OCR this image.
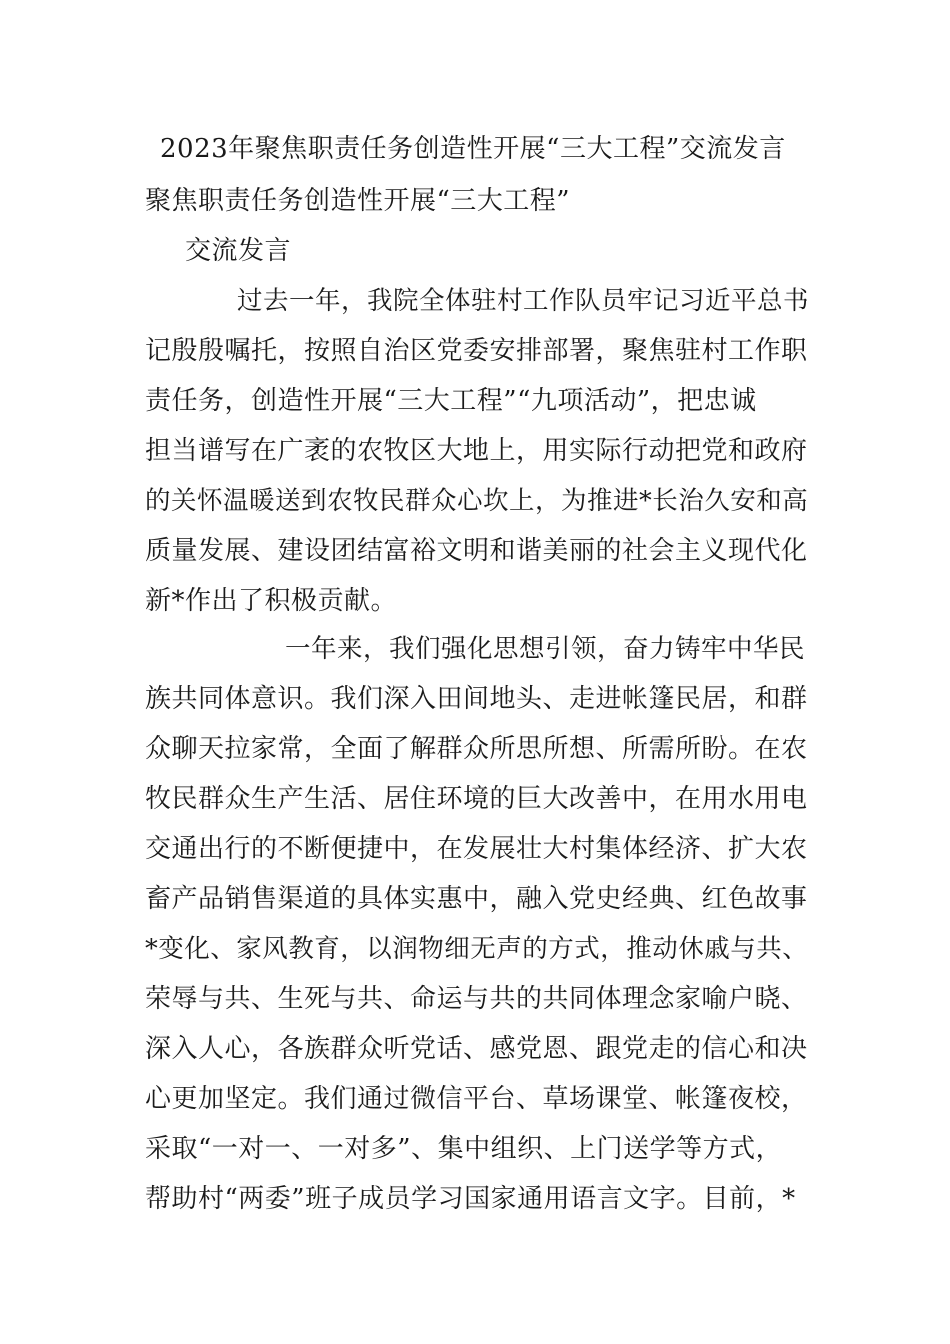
2023年聚焦职责任务创造性开展“三大工程”交流发言
聚焦职责任务创造性开展“三大工程”
交流发言

过去一年，我院全体驻村工作队员牢记习近平总书

记殷殷嘱托，按照自治区党委安排部署，聚焦驻村工作职

责任务，创造性开展“三大工程”“九项活动”，把忠诚

担当谱写在广袤的农牧区大地上，用实际行动把党和政府

的关怀温暖送到农牧民群众心坎上，为推进*长治久安和高

质量发展、建设团结富裕文明和谐美丽的社会主义现代化

新*作出了积极贡献。

一年来，我们强化思想引领，奋力铸牢中华民

族共同体意识。我们深入田间地头、走进帐篷民居，和群

众聊天拉家常，全面了解群众所思所想、所需所盼。在农

牧民群众生产生活、居住环境的巨大改善中，在用水用电

交通出行的不断便捷中，在发展壮大村集体经济、扩大农

畜产品销售渠道的具体实惠中，融入党史经典、红色故事

*变化、家风教育，以润物细无声的方式，推动休戚与共、

荣辱与共、生死与共、命运与共的共同体理念家喻户晓、

深入人心，各族群众听党话、感党恩、跟党走的信心和决

心更加坚定。我们通过微信平台、草场课堂、帐篷夜校，

采取“一对一、一对多”、集中组织、上门送学等方式，

帮助村“两委”班子成员学习国家通用语言文字。目前，*
